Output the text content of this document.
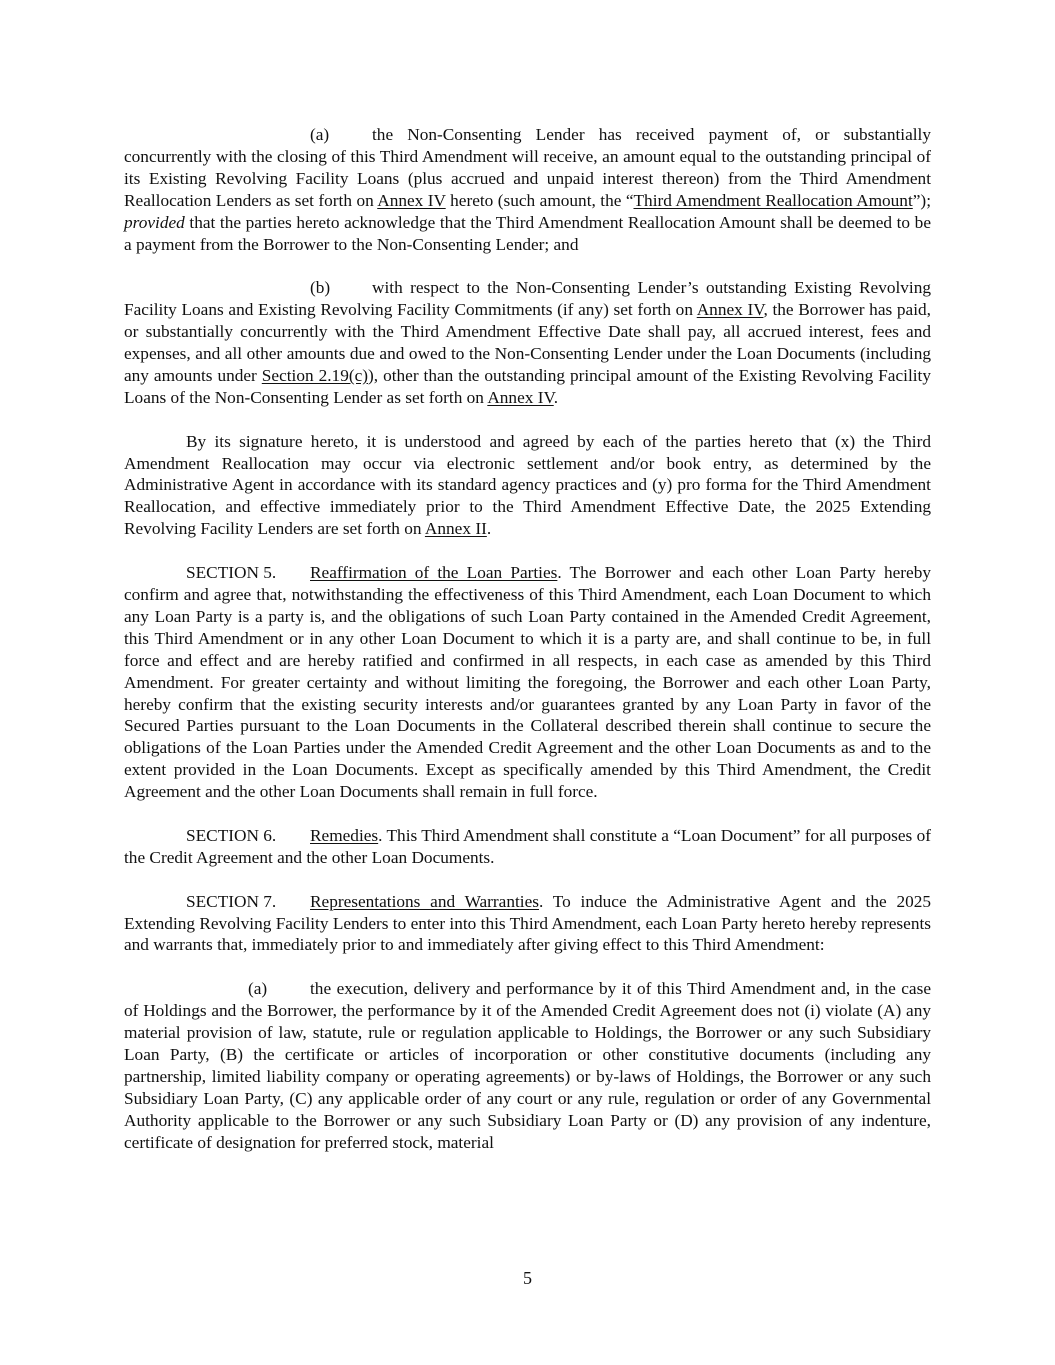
(a) the Non-Consenting Lender has received payment of, or substantially concurrently with the closing of this Third Amendment will receive, an amount equal to the outstanding principal of its Existing Revolving Facility Loans (plus accrued and unpaid interest thereon) from the Third Amendment Reallocation Lenders as set forth on Annex IV hereto (such amount, the “Third Amendment Reallocation Amount”); provided that the parties hereto acknowledge that the Third Amendment Reallocation Amount shall be deemed to be a payment from the Borrower to the Non-Consenting Lender; and

(b) with respect to the Non-Consenting Lender’s outstanding Existing Revolving Facility Loans and Existing Revolving Facility Commitments (if any) set forth on Annex IV, the Borrower has paid, or substantially concurrently with the Third Amendment Effective Date shall pay, all accrued interest, fees and expenses, and all other amounts due and owed to the Non-Consenting Lender under the Loan Documents (including any amounts under Section 2.19(c)), other than the outstanding principal amount of the Existing Revolving Facility Loans of the Non-Consenting Lender as set forth on Annex IV.

By its signature hereto, it is understood and agreed by each of the parties hereto that (x) the Third Amendment Reallocation may occur via electronic settlement and/or book entry, as determined by the Administrative Agent in accordance with its standard agency practices and (y) pro forma for the Third Amendment Reallocation, and effective immediately prior to the Third Amendment Effective Date, the 2025 Extending Revolving Facility Lenders are set forth on Annex II.

SECTION 5. Reaffirmation of the Loan Parties. The Borrower and each other Loan Party hereby confirm and agree that, notwithstanding the effectiveness of this Third Amendment, each Loan Document to which any Loan Party is a party is, and the obligations of such Loan Party contained in the Amended Credit Agreement, this Third Amendment or in any other Loan Document to which it is a party are, and shall continue to be, in full force and effect and are hereby ratified and confirmed in all respects, in each case as amended by this Third Amendment. For greater certainty and without limiting the foregoing, the Borrower and each other Loan Party, hereby confirm that the existing security interests and/or guarantees granted by any Loan Party in favor of the Secured Parties pursuant to the Loan Documents in the Collateral described therein shall continue to secure the obligations of the Loan Parties under the Amended Credit Agreement and the other Loan Documents as and to the extent provided in the Loan Documents. Except as specifically amended by this Third Amendment, the Credit Agreement and the other Loan Documents shall remain in full force.

SECTION 6. Remedies. This Third Amendment shall constitute a “Loan Document” for all purposes of the Credit Agreement and the other Loan Documents.

SECTION 7. Representations and Warranties. To induce the Administrative Agent and the 2025 Extending Revolving Facility Lenders to enter into this Third Amendment, each Loan Party hereto hereby represents and warrants that, immediately prior to and immediately after giving effect to this Third Amendment:

(a) the execution, delivery and performance by it of this Third Amendment and, in the case of Holdings and the Borrower, the performance by it of the Amended Credit Agreement does not (i) violate (A) any material provision of law, statute, rule or regulation applicable to Holdings, the Borrower or any such Subsidiary Loan Party, (B) the certificate or articles of incorporation or other constitutive documents (including any partnership, limited liability company or operating agreements) or by-laws of Holdings, the Borrower or any such Subsidiary Loan Party, (C) any applicable order of any court or any rule, regulation or order of any Governmental Authority applicable to the Borrower or any such Subsidiary Loan Party or (D) any provision of any indenture, certificate of designation for preferred stock, material

5
